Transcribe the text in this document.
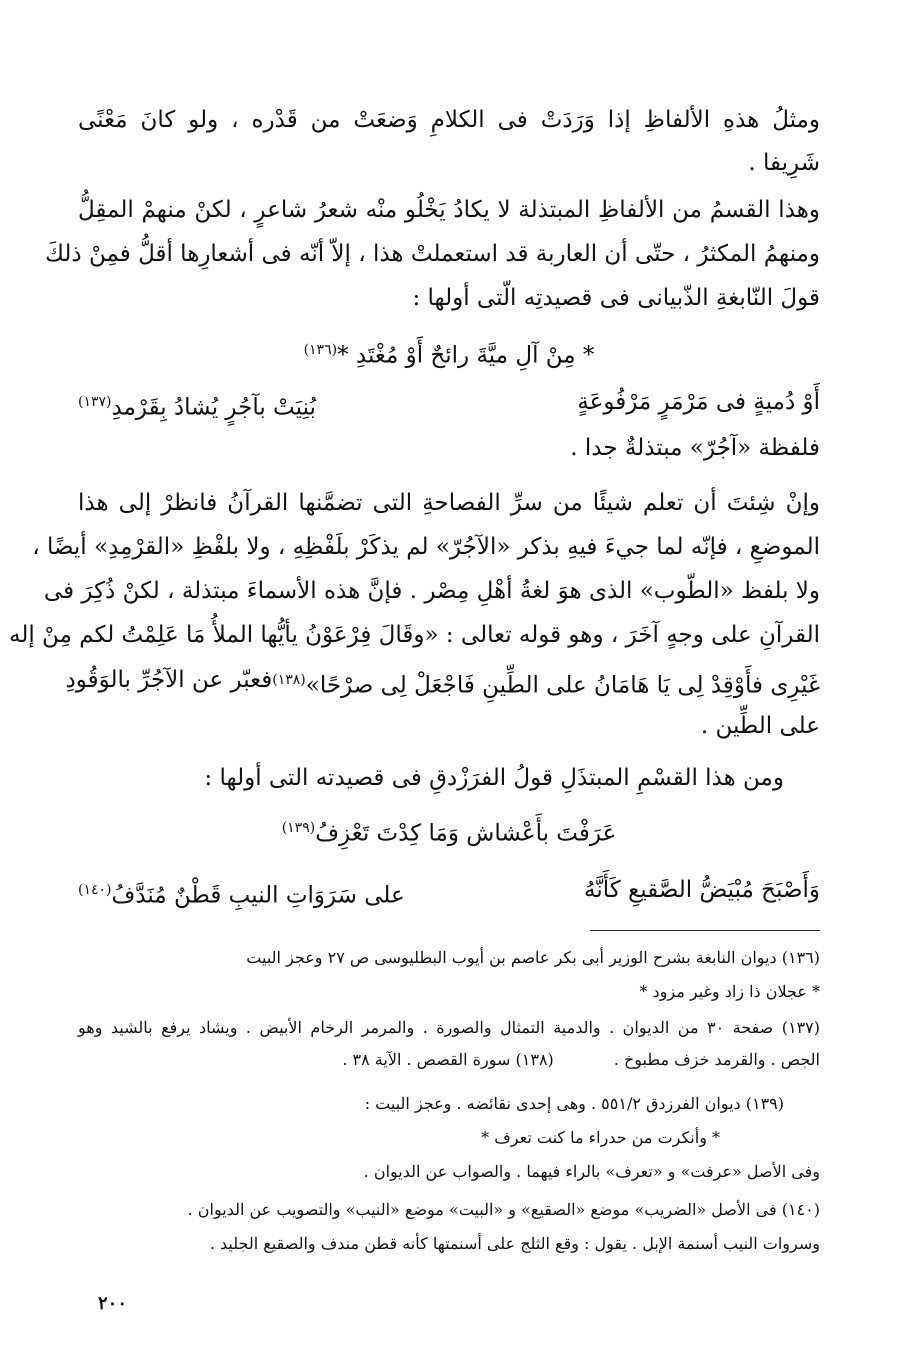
ومثلُ هذهِ الألفاظِ إذا وَرَدَتْ فى الكلامِ وَضعَتْ من قَدْره ، ولو كانَ مَعْنًى
شَرِيفا .
وهذا القسمُ من الألفاظِ المبتذلة لا يكادُ يَخْلُو منْه شعرُ شاعرٍ ، لكنْ منهمْ المقِلُّ
ومنهمُ المكثرُ ، حتّى أن العاربة قد استعملتْ هذا ، إلاّ أنّه فى أشعارِها أقلُّ فمِنْ ذلكَ
قولَ النّابغةِ الذّبيانى فى قصيدتِه الّتى أولها :
* مِنْ آلِ ميَّةَ رائحٌ أَوْ مُغْتَدِ *$^{(١٣٦)}$
أَوْ دُميةٍ فى مَرْمَرٍ مَرْفُوعَةٍ
بُنِيَتْ بآجُرٍ يُشادُ بِقَرْمدِ$^{(١٣٧)}$
فلفظة «آجُرّ» مبتذلةٌ جدا .
وإنْ شِئتَ أن تعلم شيئًا من سرِّ الفصاحةِ التى تضمَّنها القرآنُ فانظرْ إلى هذا
الموضعِ ، فإنّه لما جيءَ فيهِ بذكر «الآجُرّ» لم يذكَرْ بلَفْظِهِ ، ولا بلفْظِ «القرْمِدِ» أيضًا ،
ولا بلفظ «الطّوب» الذى هوَ لغةُ أهْلِ مِصْر . فإنَّ هذه الأسماءَ مبتذلة ، لكنْ ذُكِرَ فى
القرآنِ على وجهٍ آخَرَ ، وهو قوله تعالى : «وقَالَ فِرْعَوْنُ يأيُّها الملأُ مَا عَلِمْتُ لكم مِنْ إله
غَيْرِى فأَوْقِدْ لِى يَا هَامَانُ على الطِّينِ فَاجْعَلْ لِى صرْحًا»$^{(١٣٨)}$
فعبّر عن الآجُرِّ بالوَقُودِ
على الطِّين .
ومن هذا القسْمِ المبتذَلِ قولُ الفرَزْدقِ فى قصيدته التى أولها :
عَرَفْتَ بأَعْشاش وَمَا كِدْتَ تَعْزِفُ$^{(١٣٩)}$
وَأَصْبَحَ مُبْيَضُّ الصَّقيعِ كَأَنَّهُ
على سَرَوَاتِ النيبِ قَطْنٌ مُنَدَّفُ$^{(١٤٠)}$
(١٣٦) ديوان النابغة بشرح الوزير أبى بكر عاصم بن أيوب البطليوسى ص ٢٧ وعجز البيت
* عجلان ذا زاد وغير مزود *
(١٣٧) صفحة ٣٠ من الديوان . والدمية التمثال والصورة . والمرمر الرخام الأبيض . ويشاد يرفع بالشيد وهو
الجص . والقرمد خزف مطبوخ .
(١٣٨) سورة القصص . الآية ٣٨ .
(١٣٩) ديوان الفرزدق ٥٥١/٢ . وهى إحدى نقائضه . وعجز البيت :
* وأنكرت من حدراء ما كنت تعرف *
وفى الأصل «عرفت» و «تعرف» بالراء فيهما . والصواب عن الديوان .
(١٤٠) فى الأصل «الضريب» موضع «الصقيع» و «البيت» موضع «النيب» والتصويب عن الديوان .
وسروات النيب أسنمة الإبل . يقول : وقع الثلج على أسنمتها كأنه قطن مندف والصقيع الجليد .
٢٠٠
